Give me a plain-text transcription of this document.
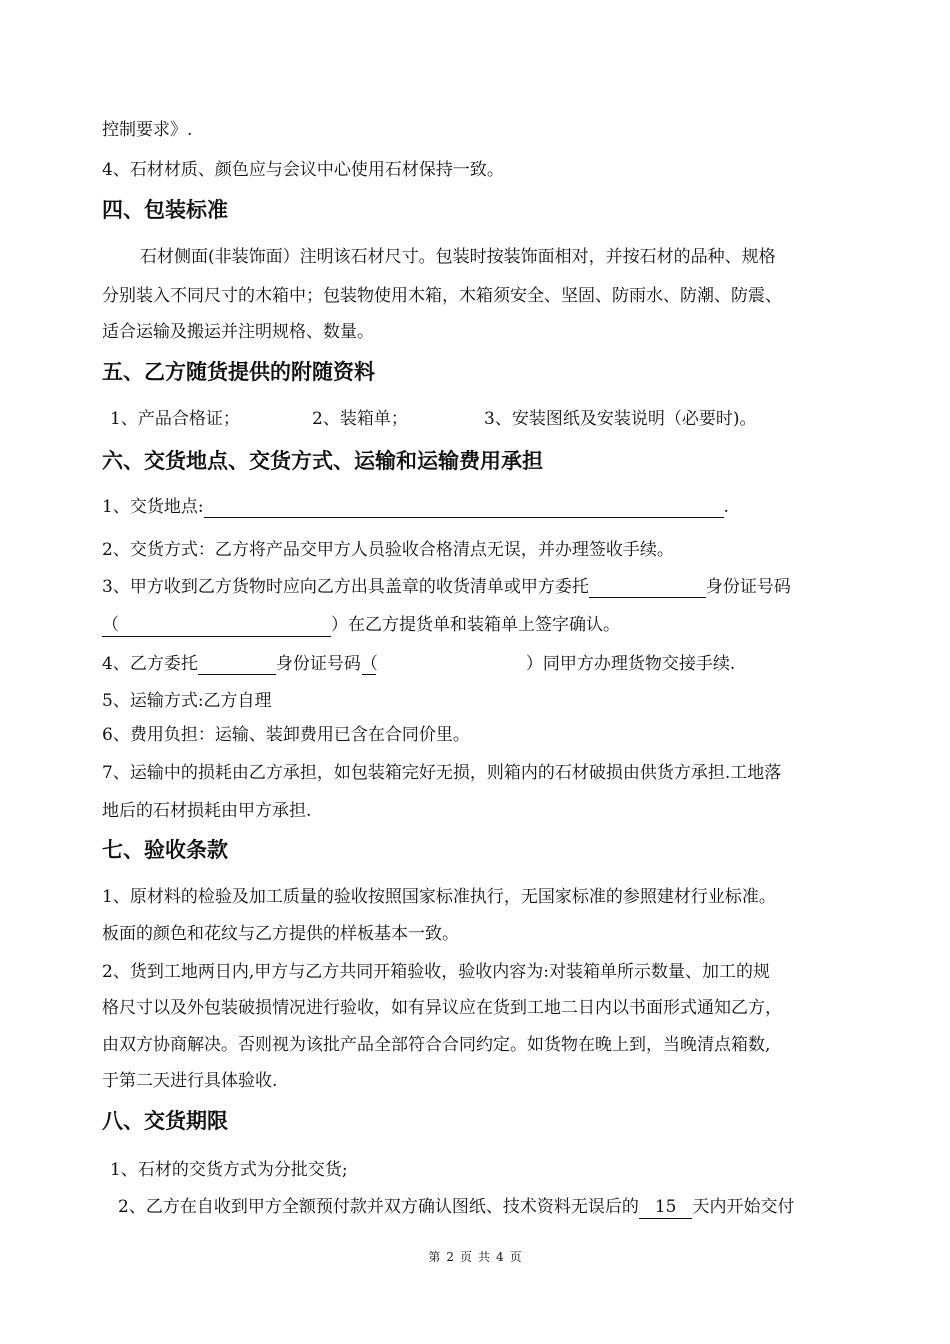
控制要求》.
4、石材材质、颜色应与会议中心使用石材保持一致。
四、包装标准
石材侧面(非装饰面）注明该石材尺寸。包装时按装饰面相对，并按石材的品种、规格
分别装入不同尺寸的木箱中；包装物使用木箱，木箱须安全、坚固、防雨水、防潮、防震、
适合运输及搬运并注明规格、数量。
五、乙方随货提供的附随资料
1、产品合格证；	2、装箱单；	3、安装图纸及安装说明（必要时)。
六、交货地点、交货方式、运输和运输费用承担
1、交货地点:	.
2、交货方式：乙方将产品交甲方人员验收合格清点无误，并办理签收手续。
3、甲方收到乙方货物时应向乙方出具盖章的收货清单或甲方委托	身份证号码
（	）在乙方提货单和装箱单上签字确认。
4、乙方委托	身份证号码（	）同甲方办理货物交接手续.
5、运输方式:乙方自理
6、费用负担：运输、装卸费用已含在合同价里。
7、运输中的损耗由乙方承担，如包装箱完好无损，则箱内的石材破损由供货方承担.工地落
地后的石材损耗由甲方承担.
七、验收条款
1、原材料的检验及加工质量的验收按照国家标准执行，无国家标准的参照建材行业标准。
板面的颜色和花纹与乙方提供的样板基本一致。
2、货到工地两日内,甲方与乙方共同开箱验收，验收内容为:对装箱单所示数量、加工的规
格尺寸以及外包装破损情况进行验收，如有异议应在货到工地二日内以书面形式通知乙方，
由双方协商解决。否则视为该批产品全部符合合同约定。如货物在晚上到，当晚清点箱数,
于第二天进行具体验收.
八、交货期限
1、石材的交货方式为分批交货;
2、乙方在自收到甲方全额预付款并双方确认图纸、技术资料无误后的 15 天内开始交付
第 2 页 共 4 页
